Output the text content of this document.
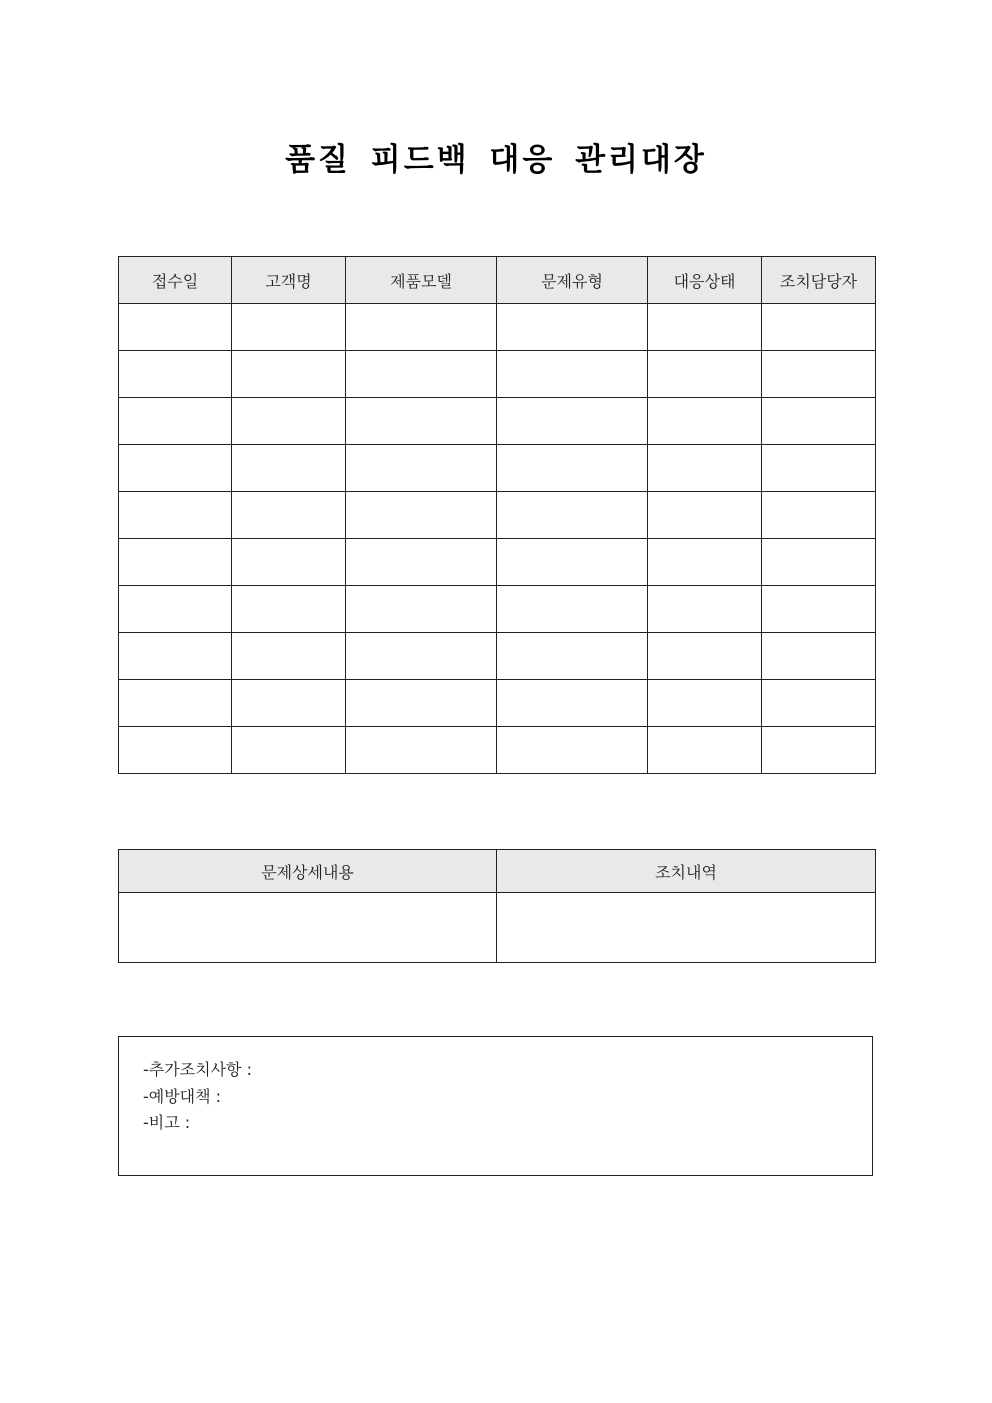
품질 피드백 대응 관리대장
접수일	고객명	제품모델	문제유형	대응상태	조치담당자

문제상세내용	조치내역

-추가조치사항 :
-예방대책 :
-비고 :
